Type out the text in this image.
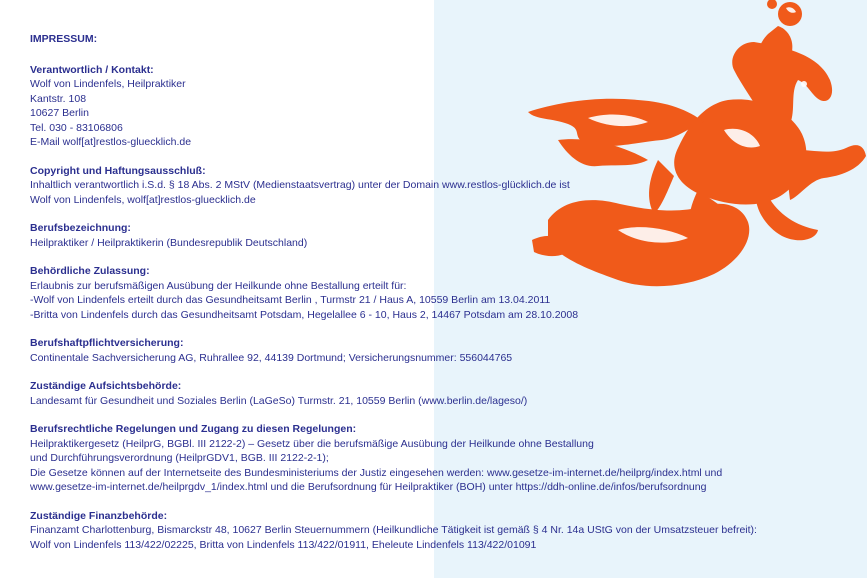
IMPRESSUM:
Verantwortlich / Kontakt:
Wolf von Lindenfels, Heilpraktiker
Kantstr. 108
10627 Berlin
Tel. 030 - 83106806
E-Mail wolf[at]restlos-gluecklich.de
Copyright und Haftungsausschluß:
Inhaltlich verantwortlich i.S.d. § 18 Abs. 2 MStV (Medienstaatsvertrag) unter der Domain www.restlos-glücklich.de ist
Wolf von Lindenfels, wolf[at]restlos-gluecklich.de
Berufsbezeichnung:
Heilpraktiker / Heilpraktikerin (Bundesrepublik Deutschland)
Behördliche Zulassung:
Erlaubnis zur berufsmäßigen Ausübung der Heilkunde ohne Bestallung erteilt für:
-Wolf von Lindenfels erteilt durch das Gesundheitsamt Berlin , Turmstr 21 / Haus A, 10559 Berlin am 13.04.2011
-Britta von Lindenfels durch das Gesundheitsamt Potsdam, Hegelallee 6 - 10, Haus 2, 14467 Potsdam am 28.10.2008
Berufshaftpflichtversicherung:
Continentale Sachversicherung AG, Ruhrallee 92, 44139 Dortmund; Versicherungsnummer: 556044765
Zuständige Aufsichtsbehörde:
Landesamt für Gesundheit und Soziales Berlin (LaGeSo) Turmstr. 21, 10559 Berlin (www.berlin.de/lageso/)
Berufsrechtliche Regelungen und Zugang zu diesen Regelungen:
Heilpraktikergesetz (HeilprG, BGBl. III 2122-2) – Gesetz über die berufsmäßige Ausübung der Heilkunde ohne Bestallung
und Durchführungsverordnung (HeilprGDV1, BGB. III 2122-2-1);
Die Gesetze können auf der Internetseite des Bundesministeriums der Justiz eingesehen werden: www.gesetze-im-internet.de/heilprg/index.html und
www.gesetze-im-internet.de/heilprgdv_1/index.html und die Berufsordnung für Heilpraktiker (BOH) unter https://ddh-online.de/infos/berufsordnung
Zuständige Finanzbehörde:
Finanzamt Charlottenburg, Bismarckstr 48, 10627 Berlin Steuernummern (Heilkundliche Tätigkeit ist gemäß § 4 Nr. 14a UStG von der Umsatzsteuer befreit):
Wolf von Lindenfels 113/422/02225, Britta von Lindenfels 113/422/01911, Eheleute Lindenfels 113/422/01091
